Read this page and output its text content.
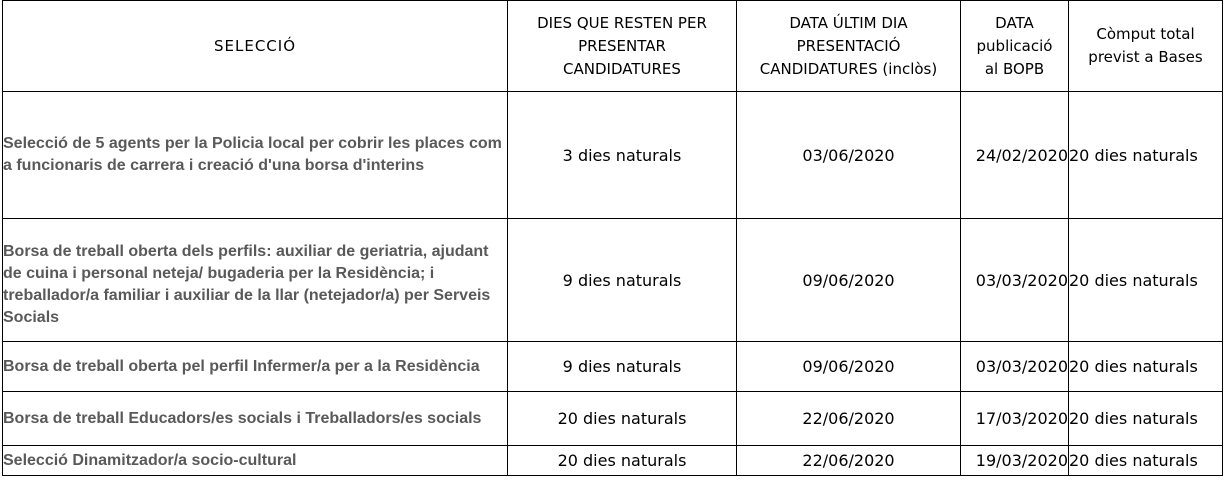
SELECCIÓ	DIES QUE RESTEN PER PRESENTAR CANDIDATURES	DATA ÚLTIM DIA PRESENTACIÓ CANDIDATURES (inclòs)	DATA publicació al BOPB	Còmput total previst a Bases
Selecció de 5 agents per la Policia local per cobrir les places com a funcionaris de carrera i creació d'una borsa d'interins	3 dies naturals	03/06/2020	24/02/2020	20 dies naturals
Borsa de treball oberta dels perfils: auxiliar de geriatria, ajudant de cuina i personal neteja/ bugaderia per la Residència; i treballador/a familiar i auxiliar de la llar (netejador/a) per Serveis Socials	9 dies naturals	09/06/2020	03/03/2020	20 dies naturals
Borsa de treball oberta pel perfil Infermer/a per a la Residència	9 dies naturals	09/06/2020	03/03/2020	20 dies naturals
Borsa de treball Educadors/es socials i Treballadors/es socials	20 dies naturals	22/06/2020	17/03/2020	20 dies naturals
Selecció Dinamitzador/a socio-cultural	20 dies naturals	22/06/2020	19/03/2020	20 dies naturals
